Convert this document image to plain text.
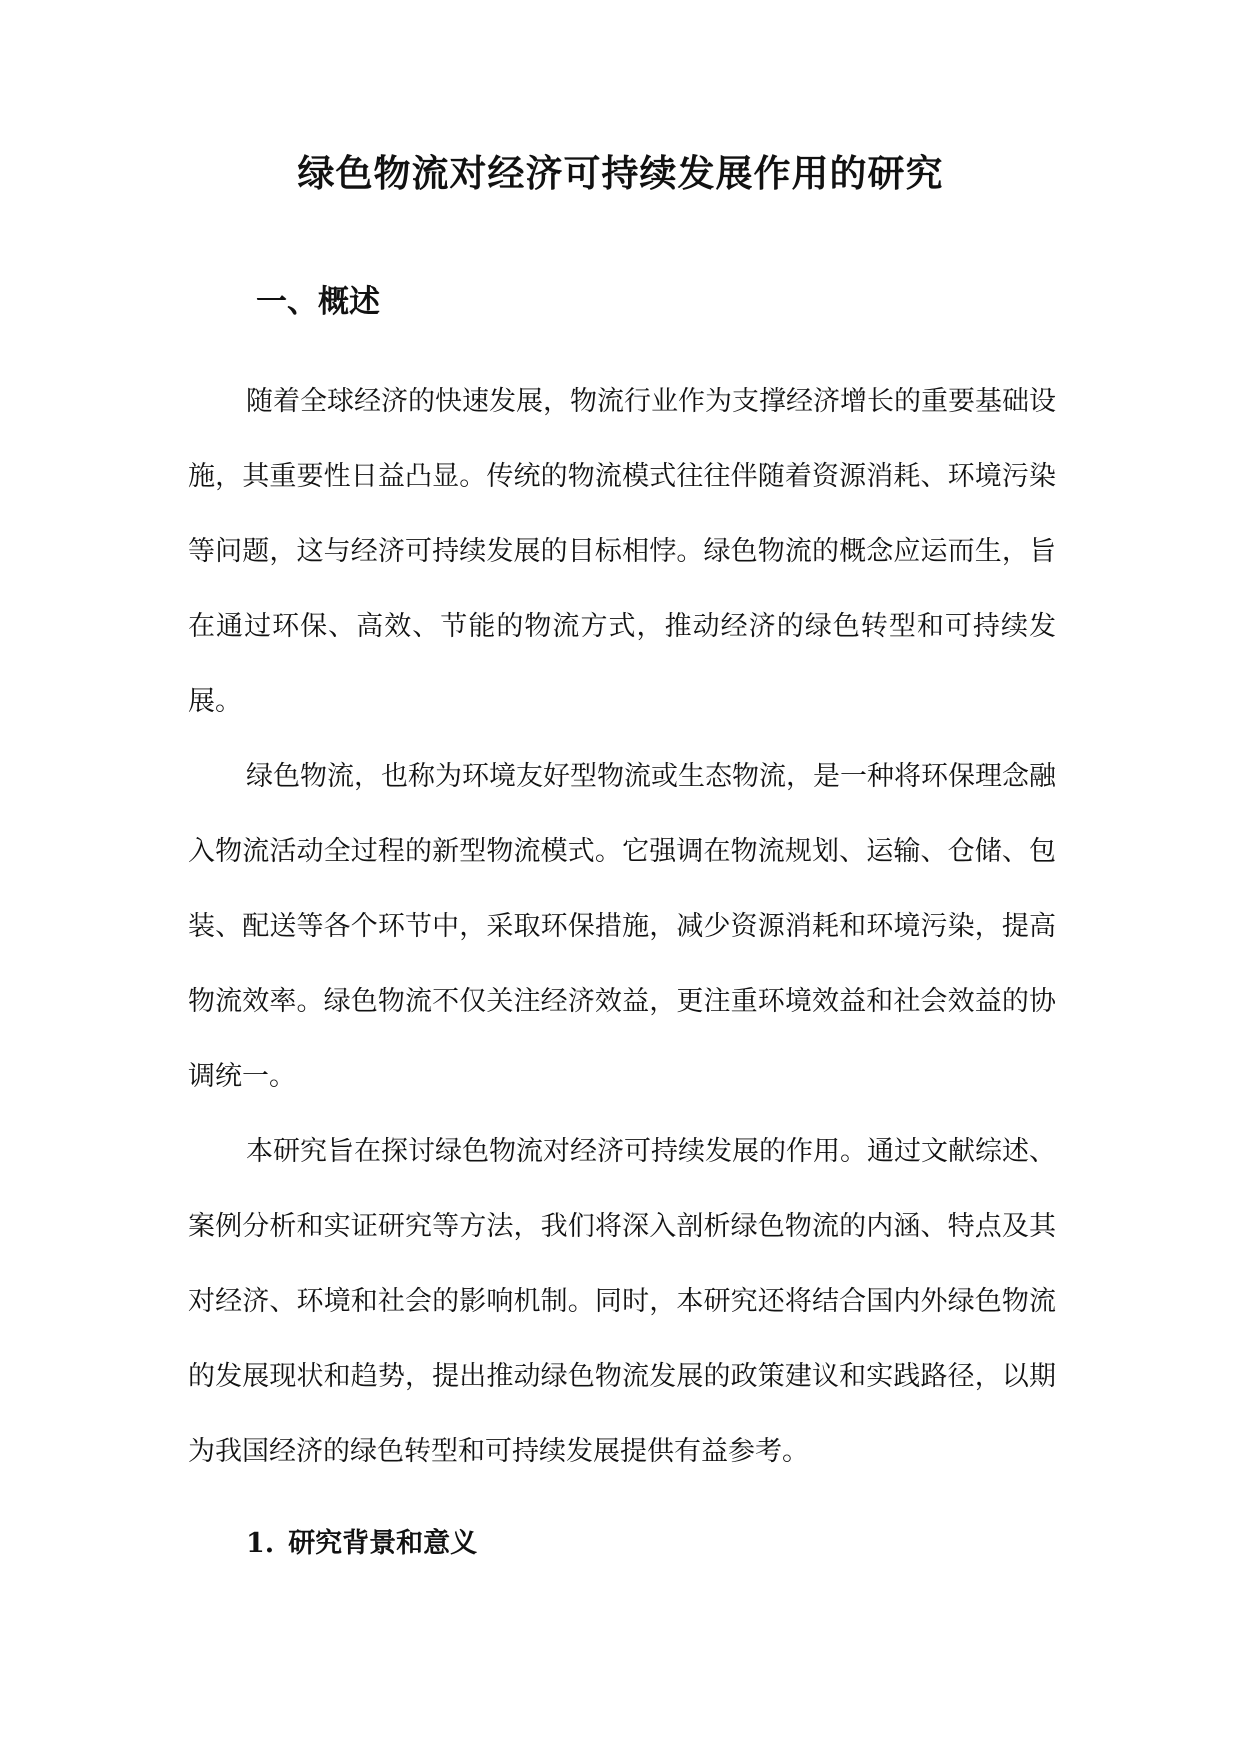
绿色物流对经济可持续发展作用的研究
一、概述

随着全球经济的快速发展，物流行业作为支撑经济增长的重要基础设施，其重要性日益凸显。传统的物流模式往往伴随着资源消耗、环境污染等问题，这与经济可持续发展的目标相悖。绿色物流的概念应运而生，旨在通过环保、高效、节能的物流方式，推动经济的绿色转型和可持续发展。

绿色物流，也称为环境友好型物流或生态物流，是一种将环保理念融入物流活动全过程的新型物流模式。它强调在物流规划、运输、仓储、包装、配送等各个环节中，采取环保措施，减少资源消耗和环境污染，提高物流效率。绿色物流不仅关注经济效益，更注重环境效益和社会效益的协调统一。

本研究旨在探讨绿色物流对经济可持续发展的作用。通过文献综述、案例分析和实证研究等方法，我们将深入剖析绿色物流的内涵、特点及其对经济、环境和社会的影响机制。同时，本研究还将结合国内外绿色物流的发展现状和趋势，提出推动绿色物流发展的政策建议和实践路径，以期为我国经济的绿色转型和可持续发展提供有益参考。

1. 研究背景和意义
